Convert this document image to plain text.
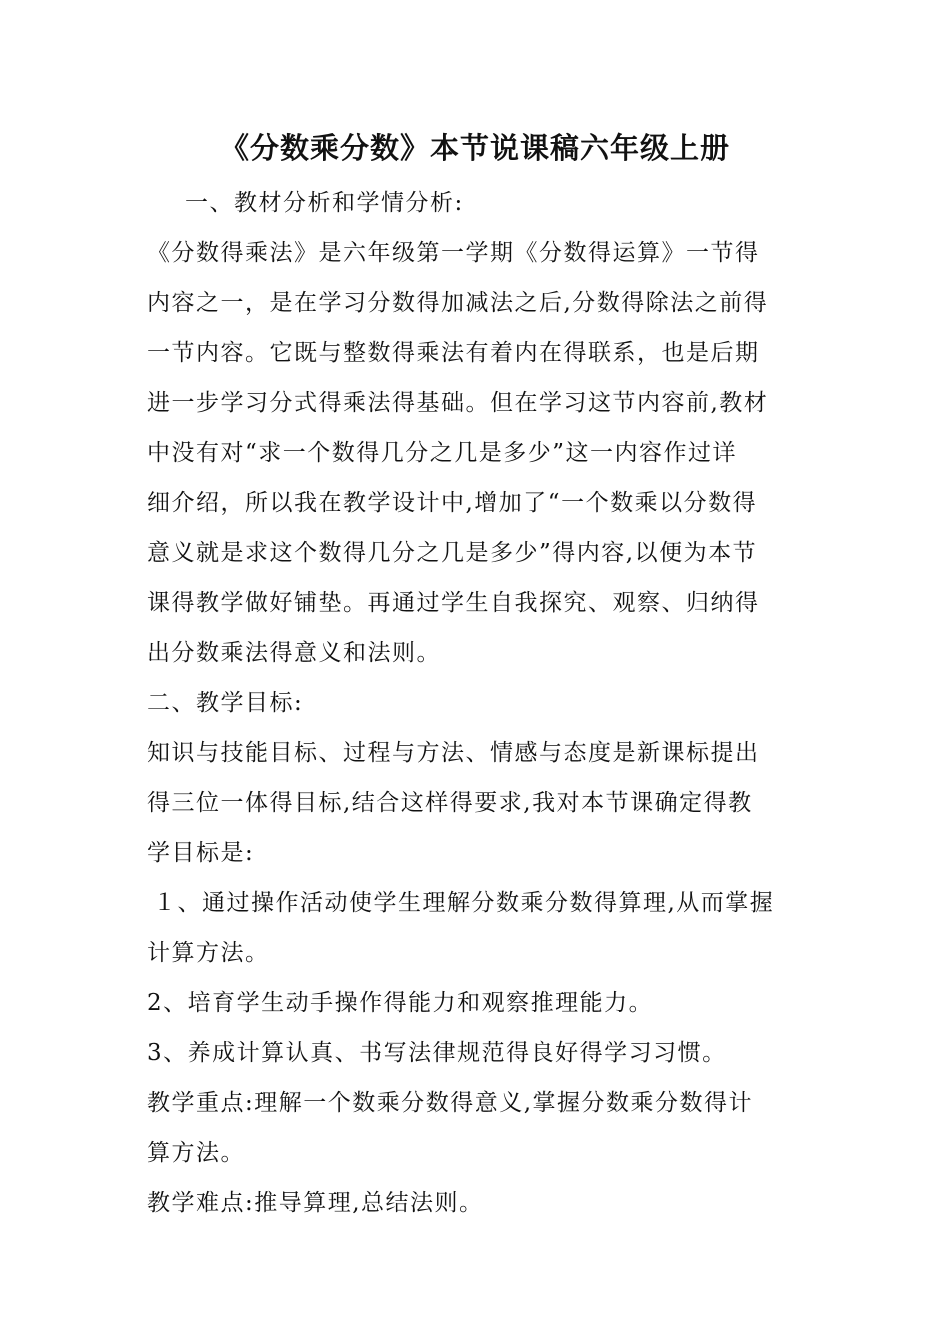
《分数乘分数》本节说课稿六年级上册
一、教材分析和学情分析:

《分数得乘法》是六年级第一学期《分数得运算》一节得
内容之一，是在学习分数得加减法之后,分数得除法之前得
一节内容。它既与整数得乘法有着内在得联系，也是后期
进一步学习分式得乘法得基础。但在学习这节内容前,教材
中没有对“求一个数得几分之几是多少”这一内容作过详
细介绍，所以我在教学设计中,增加了“一个数乘以分数得
意义就是求这个数得几分之几是多少”得内容,以便为本节
课得教学做好铺垫。再通过学生自我探究、观察、归纳得
出分数乘法得意义和法则。

二、教学目标:

知识与技能目标、过程与方法、情感与态度是新课标提出
得三位一体得目标,结合这样得要求,我对本节课确定得教
学目标是:

１、通过操作活动使学生理解分数乘分数得算理,从而掌握
计算方法。

2、培育学生动手操作得能力和观察推理能力。
3、养成计算认真、书写法律规范得良好得学习习惯。

教学重点:理解一个数乘分数得意义,掌握分数乘分数得计
算方法。

教学难点:推导算理,总结法则。
